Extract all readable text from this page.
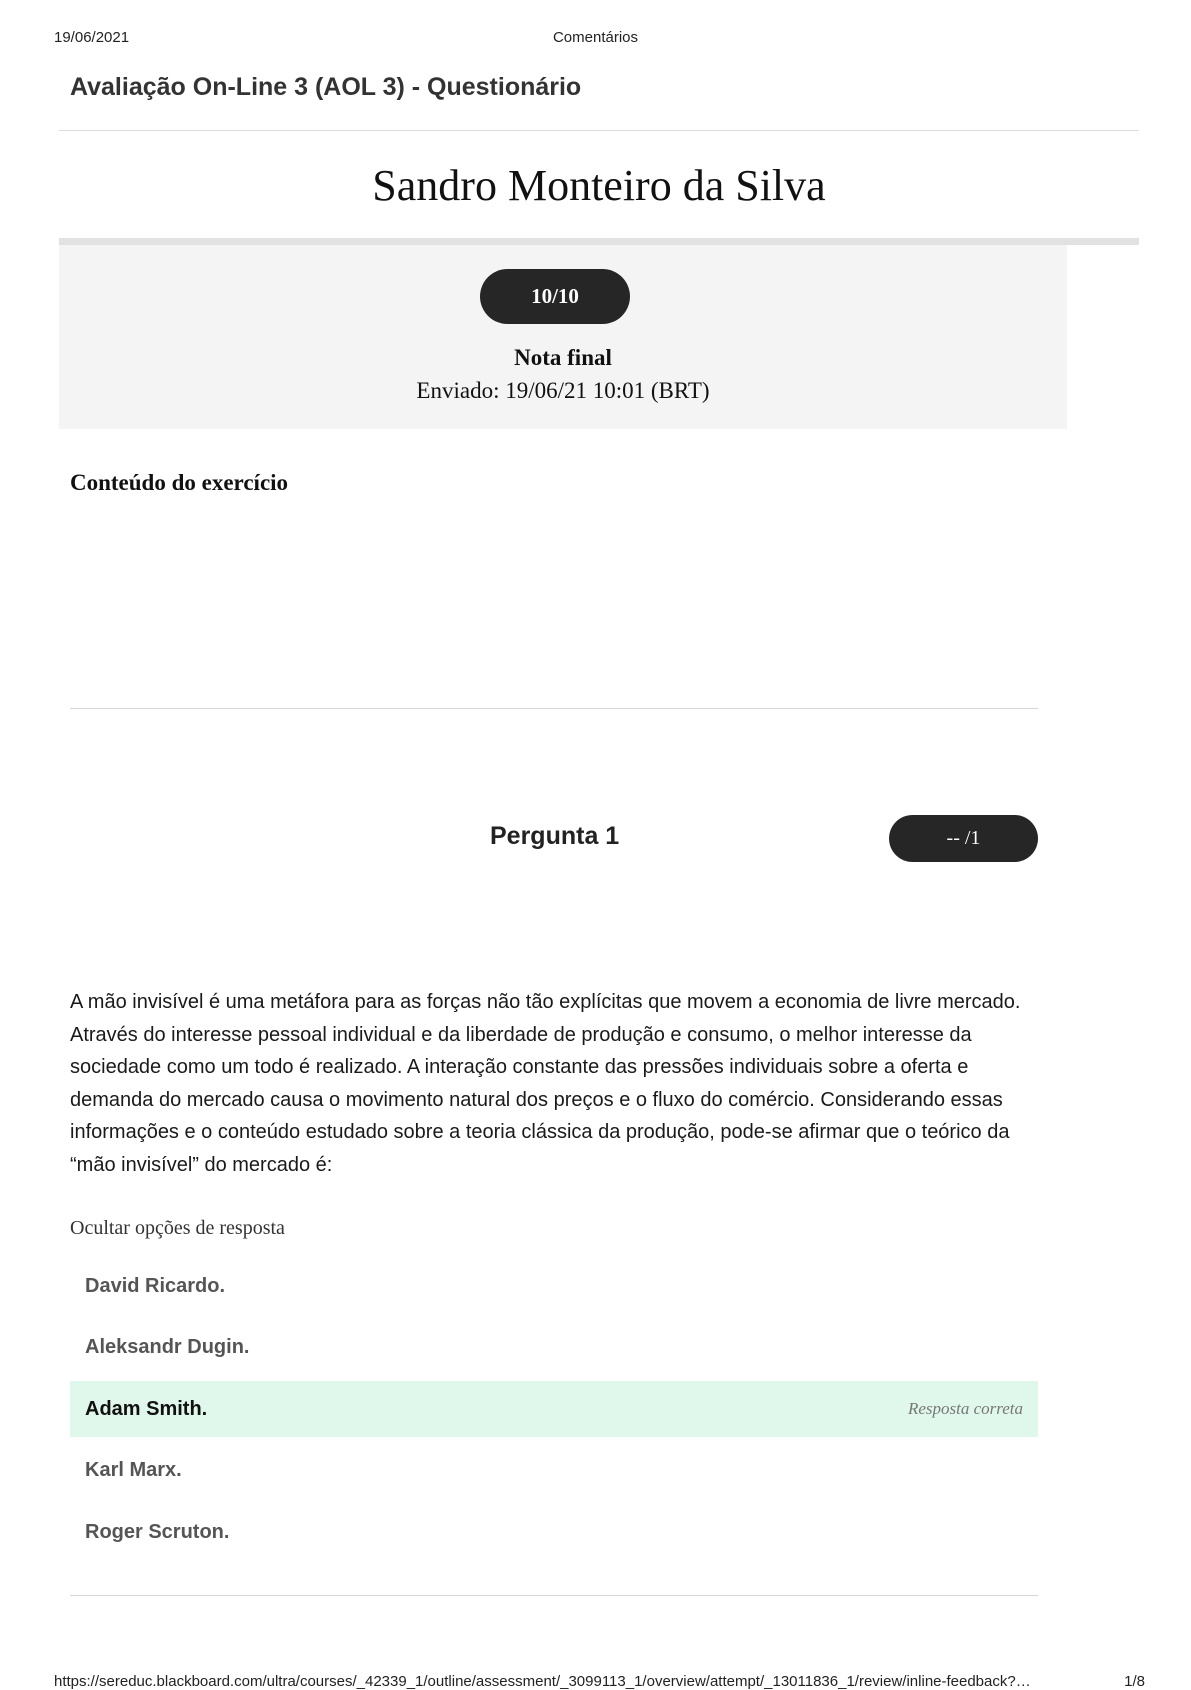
19/06/2021	Comentários
Avaliação On-Line 3 (AOL 3) - Questionário
Sandro Monteiro da Silva
10/10
Nota final
Enviado: 19/06/21 10:01 (BRT)
Conteúdo do exercício
Pergunta 1	-- /1
A mão invisível é uma metáfora para as forças não tão explícitas que movem a economia de livre mercado. Através do interesse pessoal individual e da liberdade de produção e consumo, o melhor interesse da sociedade como um todo é realizado. A interação constante das pressões individuais sobre a oferta e demanda do mercado causa o movimento natural dos preços e o fluxo do comércio. Considerando essas informações e o conteúdo estudado sobre a teoria clássica da produção, pode-se afirmar que o teórico da “mão invisível” do mercado é:
Ocultar opções de resposta
David Ricardo.
Aleksandr Dugin.
Adam Smith.	Resposta correta
Karl Marx.
Roger Scruton.
https://sereduc.blackboard.com/ultra/courses/_42339_1/outline/assessment/_3099113_1/overview/attempt/_13011836_1/review/inline-feedback?…	1/8
